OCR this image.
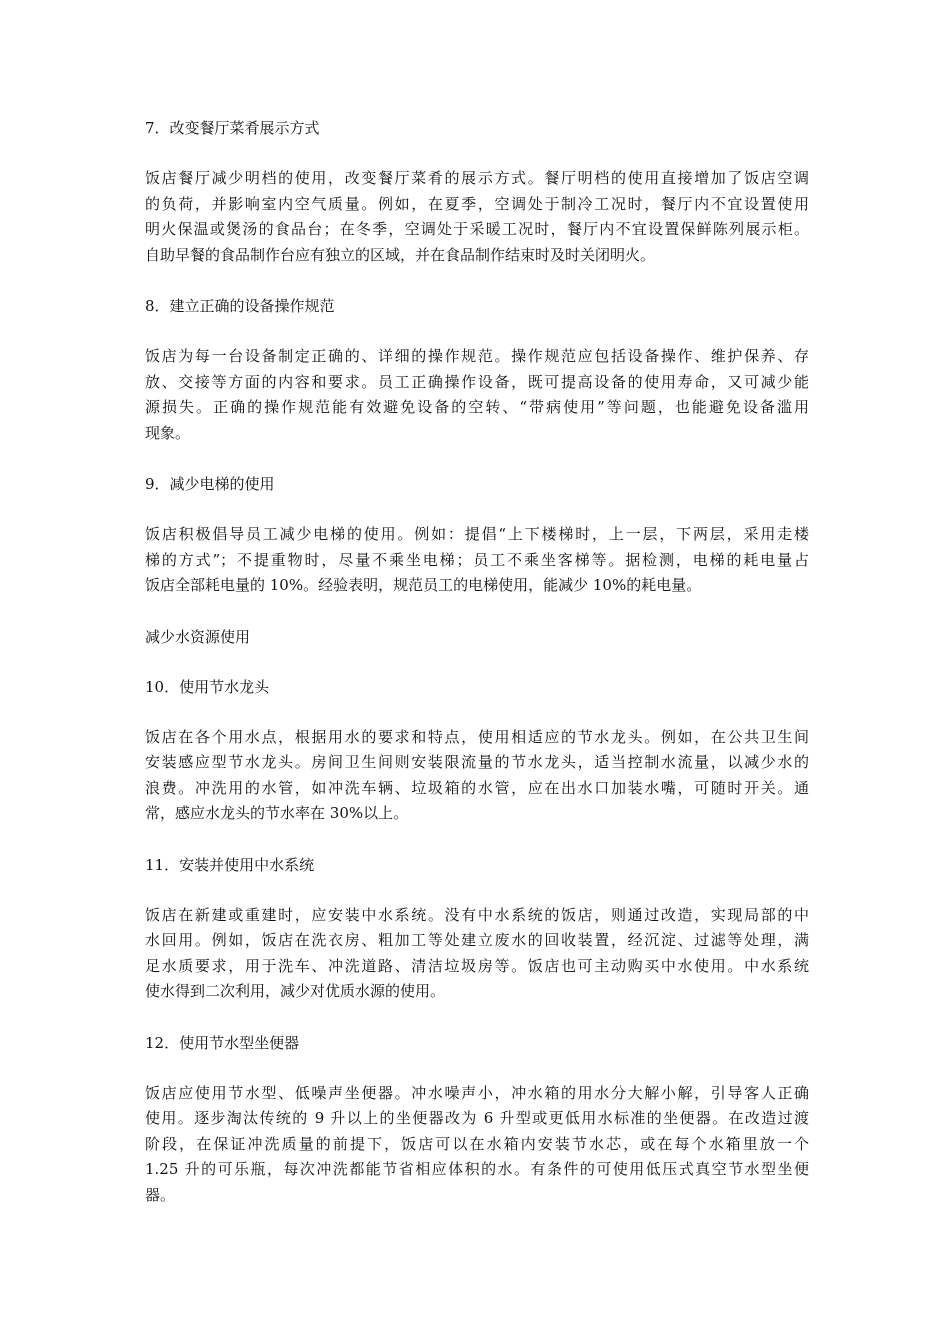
7．改变餐厅菜肴展示方式
饭店餐厅减少明档的使用，改变餐厅菜肴的展示方式。餐厅明档的使用直接增加了饭店空调
的负荷，并影响室内空气质量。例如，在夏季，空调处于制冷工况时，餐厅内不宜设置使用
明火保温或煲汤的食品台；在冬季，空调处于采暖工况时，餐厅内不宜设置保鲜陈列展示柜。
自助早餐的食品制作台应有独立的区域，并在食品制作结束时及时关闭明火。
8．建立正确的设备操作规范
饭店为每一台设备制定正确的、详细的操作规范。操作规范应包括设备操作、维护保养、存
放、交接等方面的内容和要求。员工正确操作设备，既可提高设备的使用寿命，又可减少能
源损失。正确的操作规范能有效避免设备的空转、“带病使用”等问题，也能避免设备滥用
现象。
9．减少电梯的使用
饭店积极倡导员工减少电梯的使用。例如：提倡“上下楼梯时，上一层，下两层，采用走楼
梯的方式”；不提重物时，尽量不乘坐电梯；员工不乘坐客梯等。据检测，电梯的耗电量占
饭店全部耗电量的 10%。经验表明，规范员工的电梯使用，能减少 10%的耗电量。
减少水资源使用
10．使用节水龙头
饭店在各个用水点，根据用水的要求和特点，使用相适应的节水龙头。例如，在公共卫生间
安装感应型节水龙头。房间卫生间则安装限流量的节水龙头，适当控制水流量，以减少水的
浪费。冲洗用的水管，如冲洗车辆、垃圾箱的水管，应在出水口加装水嘴，可随时开关。通
常，感应水龙头的节水率在 30%以上。
11．安装并使用中水系统
饭店在新建或重建时，应安装中水系统。没有中水系统的饭店，则通过改造，实现局部的中
水回用。例如，饭店在洗衣房、粗加工等处建立废水的回收装置，经沉淀、过滤等处理，满
足水质要求，用于洗车、冲洗道路、清洁垃圾房等。饭店也可主动购买中水使用。中水系统
使水得到二次利用，减少对优质水源的使用。
12．使用节水型坐便器
饭店应使用节水型、低噪声坐便器。冲水噪声小，冲水箱的用水分大解小解，引导客人正确
使用。逐步淘汰传统的 9 升以上的坐便器改为 6 升型或更低用水标准的坐便器。在改造过渡
阶段，在保证冲洗质量的前提下，饭店可以在水箱内安装节水芯，或在每个水箱里放一个
1.25 升的可乐瓶，每次冲洗都能节省相应体积的水。有条件的可使用低压式真空节水型坐便
器。
